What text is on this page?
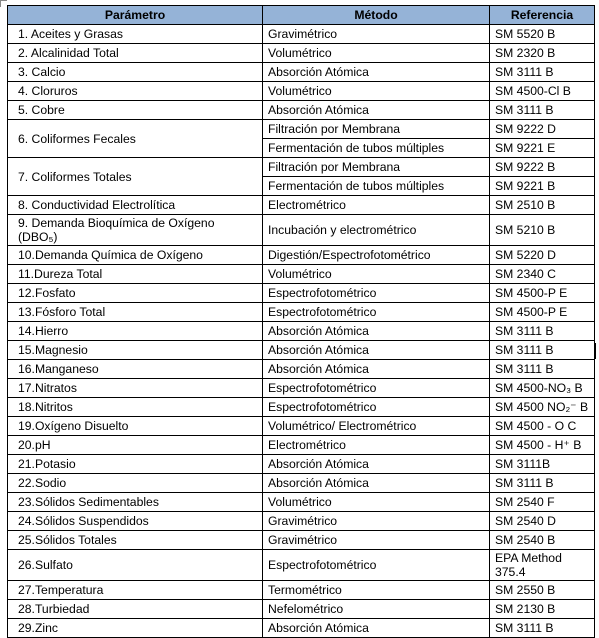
Parámetro	Método	Referencia
1. Aceites y Grasas	Gravimétrico	SM 5520 B
2. Alcalinidad Total	Volumétrico	SM 2320 B
3. Calcio	Absorción Atómica	SM 3111 B
4. Cloruros	Volumétrico	SM 4500-Cl B
5. Cobre	Absorción Atómica	SM 3111 B
6. Coliformes Fecales	Filtración por Membrana	SM 9222 D
	Fermentación de tubos múltiples	SM 9221 E
7. Coliformes Totales	Filtración por Membrana	SM 9222 B
	Fermentación de tubos múltiples	SM 9221 B
8. Conductividad Electrolítica	Electrométrico	SM 2510 B
9. Demanda Bioquímica de Oxígeno (DBO₅)	Incubación y electrométrico	SM 5210 B
10.Demanda Química de Oxígeno	Digestión/Espectrofotométrico	SM 5220 D
11.Dureza Total	Volumétrico	SM 2340 C
12.Fosfato	Espectrofotométrico	SM 4500-P E
13.Fósforo Total	Espectrofotométrico	SM 4500-P E
14.Hierro	Absorción Atómica	SM 3111 B
15.Magnesio	Absorción Atómica	SM 3111 B
16.Manganeso	Absorción Atómica	SM 3111 B
17.Nitratos	Espectrofotométrico	SM 4500-NO₃ B
18.Nitritos	Espectrofotométrico	SM 4500 NO₂⁻ B
19.Oxígeno Disuelto	Volumétrico/ Electrométrico	SM 4500 - O C
20.pH	Electrométrico	SM 4500 - H⁺ B
21.Potasio	Absorción Atómica	SM 3111B
22.Sodio	Absorción Atómica	SM 3111 B
23.Sólidos Sedimentables	Volumétrico	SM 2540 F
24.Sólidos Suspendidos	Gravimétrico	SM 2540 D
25.Sólidos Totales	Gravimétrico	SM 2540 B
26.Sulfato	Espectrofotométrico	EPA Method 375.4
27.Temperatura	Termométrico	SM 2550 B
28.Turbiedad	Nefelométrico	SM 2130 B
29.Zinc	Absorción Atómica	SM 3111 B
